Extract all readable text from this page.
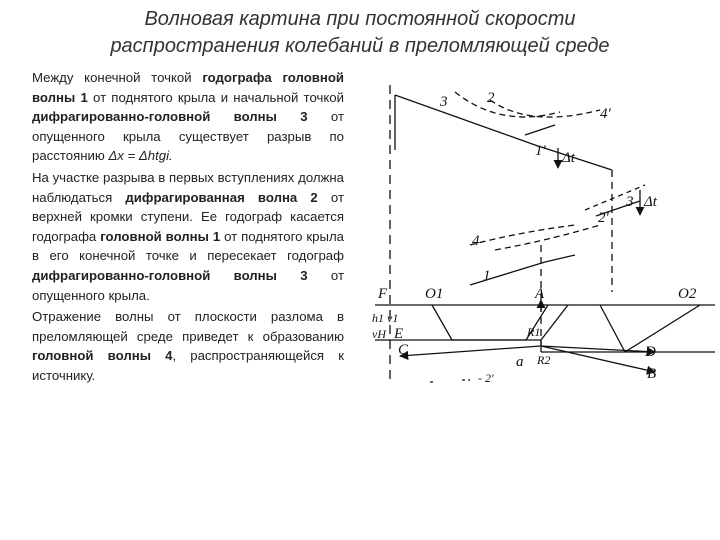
Волновая картина при постоянной скорости
распространения колебаний в преломляющей среде

Между конечной точкой годографа головной волны 1 от поднятого крыла и начальной точкой дифрагированно-головной волны 3 от опущенного крыла существует разрыв по расстоянию Δx = Δhtgi.

На участке разрыва в первых вступлениях должна наблюдаться дифрагированная волна 2 от верхней кромки ступени. Ее годограф касается годографа головной волны 1 от поднятого крыла в его конечной точке и пересекает годограф дифрагированно-головной волны 3 от опущенного крыла.

Отражение волны от плоскости разлома в преломляющей среде приведет к образованию головной волны 4, распространяющейся к источнику.

3	2
4'
1' Δt
2'
3 Δt
4
1
F	O1	A	O2
h1 v1
vH E	R1
C
R2	D
a
B
- 2'
